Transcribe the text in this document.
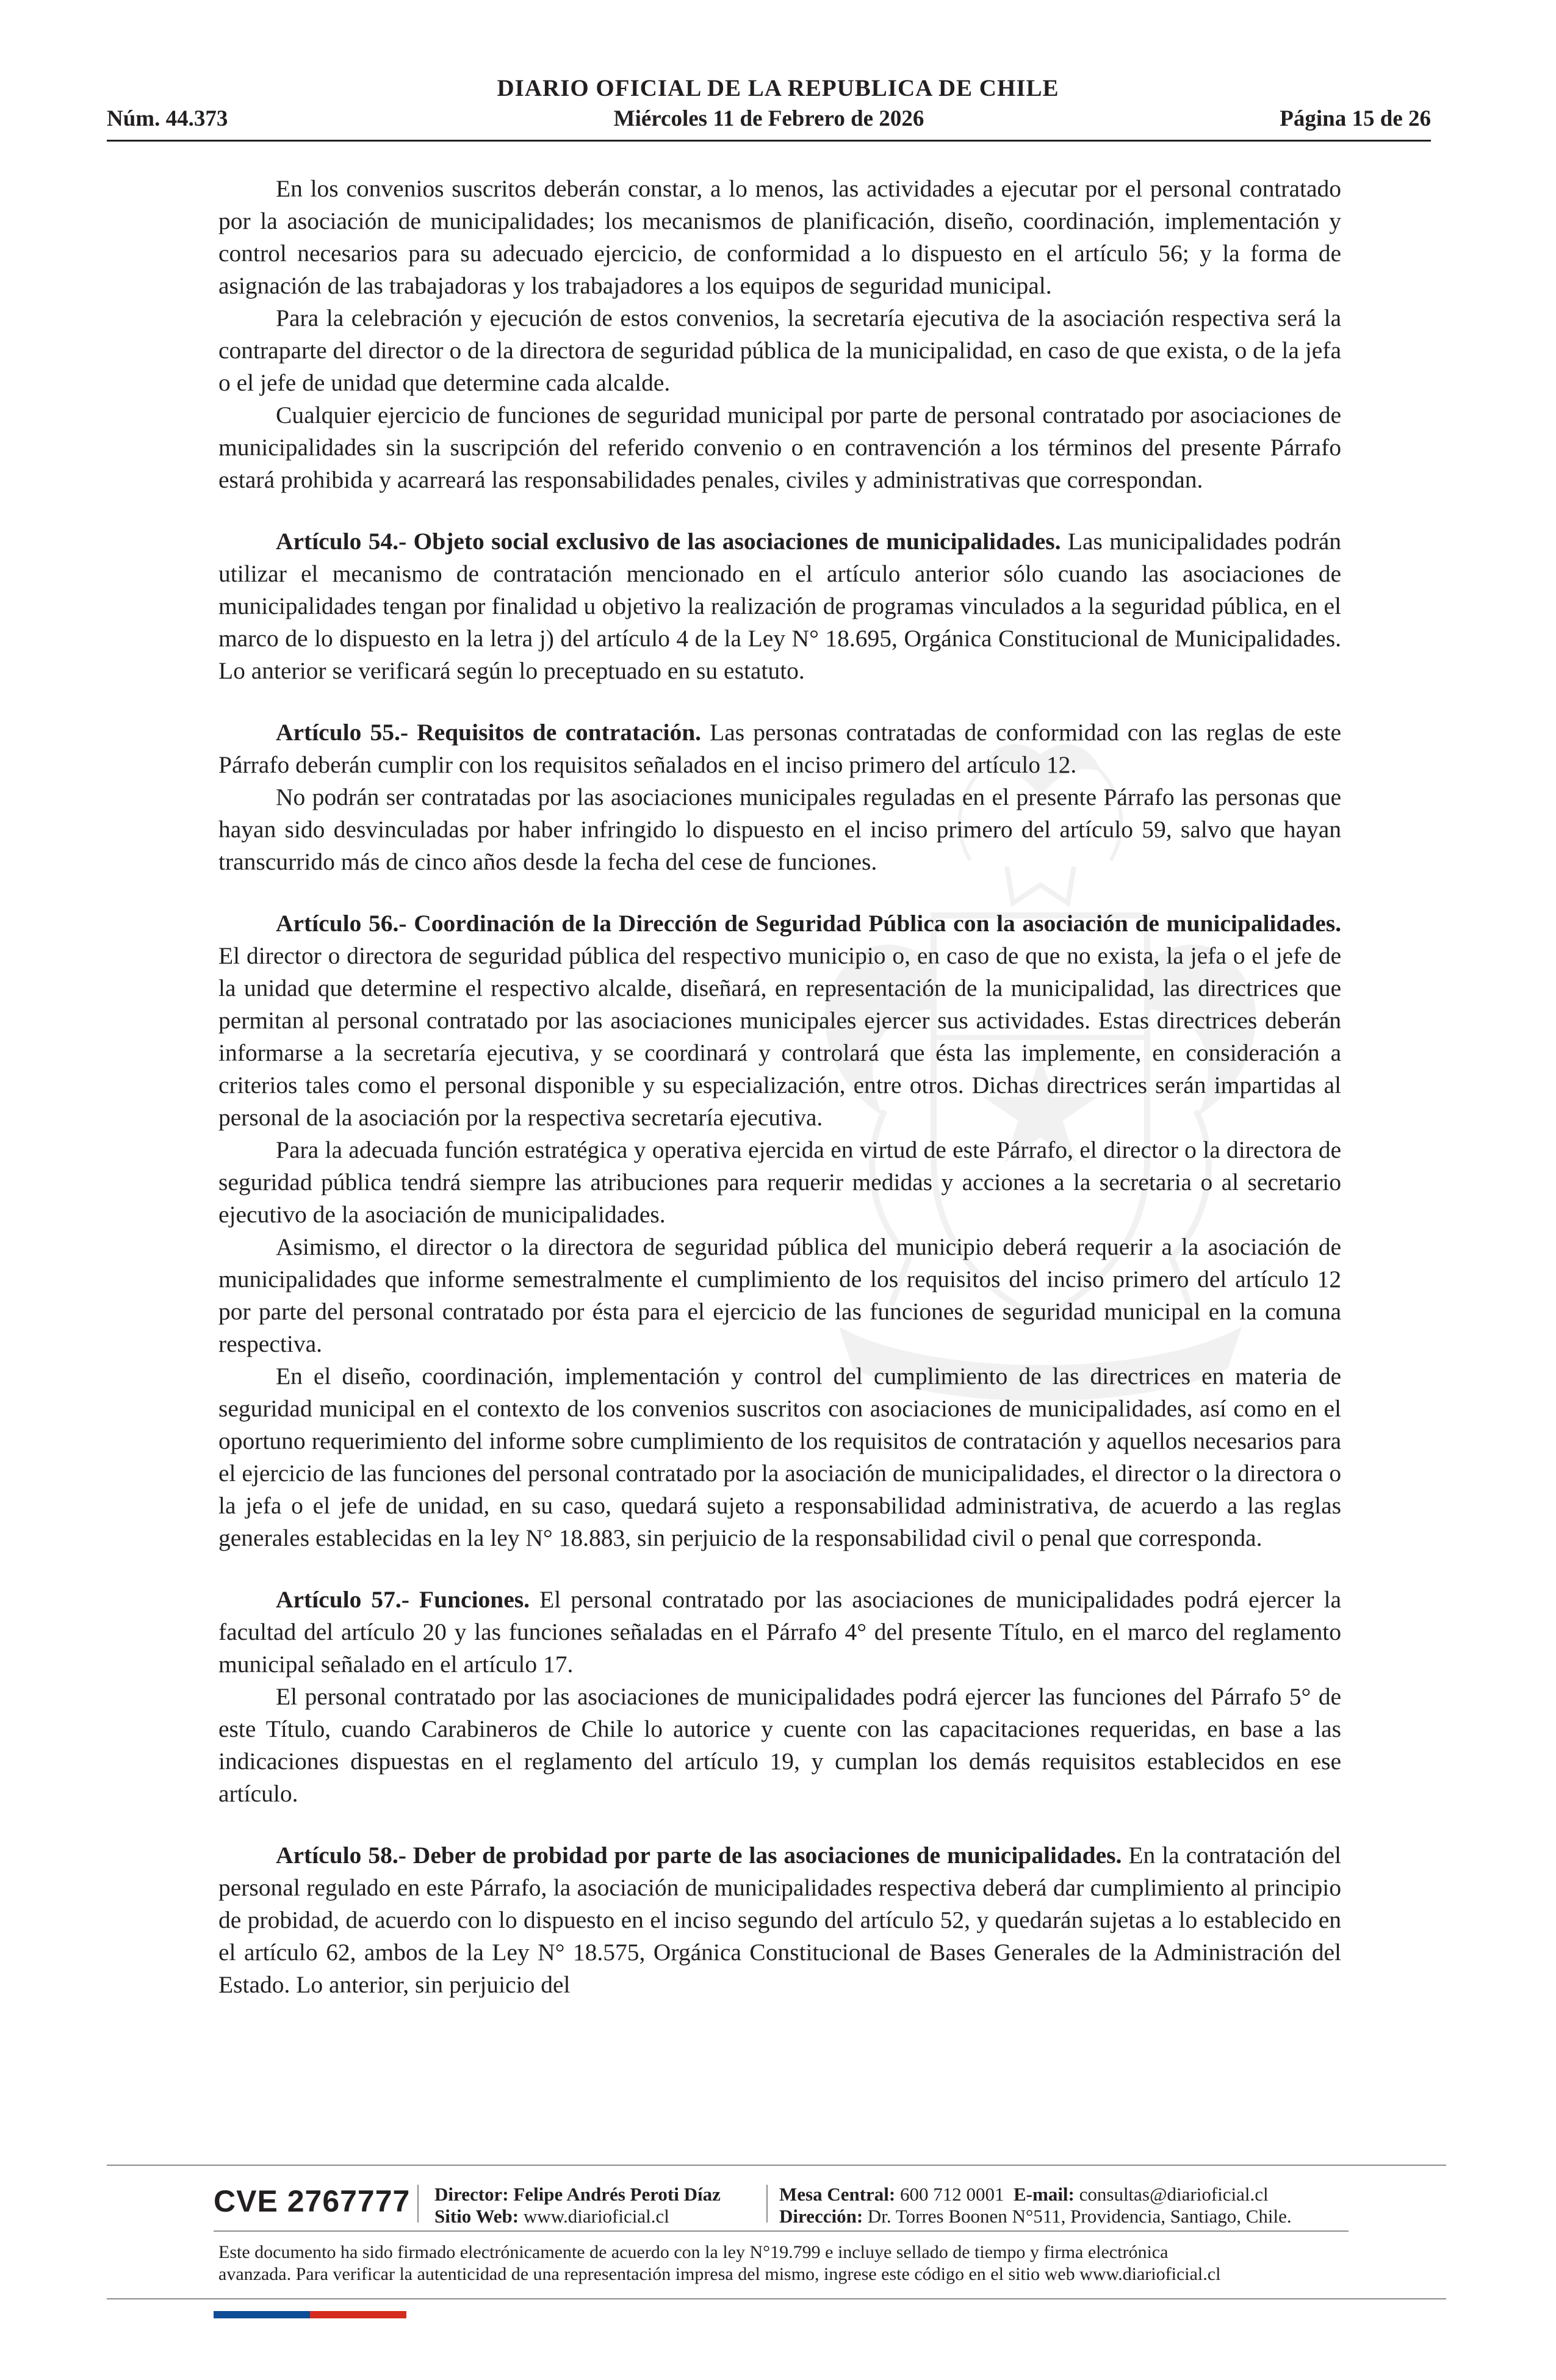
DIARIO OFICIAL DE LA REPUBLICA DE CHILE
Núm. 44.373	Miércoles 11 de Febrero de 2026	Página 15 de 26

En los convenios suscritos deberán constar, a lo menos, las actividades a ejecutar por el personal contratado por la asociación de municipalidades; los mecanismos de planificación, diseño, coordinación, implementación y control necesarios para su adecuado ejercicio, de conformidad a lo dispuesto en el artículo 56; y la forma de asignación de las trabajadoras y los trabajadores a los equipos de seguridad municipal.

Para la celebración y ejecución de estos convenios, la secretaría ejecutiva de la asociación respectiva será la contraparte del director o de la directora de seguridad pública de la municipalidad, en caso de que exista, o de la jefa o el jefe de unidad que determine cada alcalde.

Cualquier ejercicio de funciones de seguridad municipal por parte de personal contratado por asociaciones de municipalidades sin la suscripción del referido convenio o en contravención a los términos del presente Párrafo estará prohibida y acarreará las responsabilidades penales, civiles y administrativas que correspondan.

Artículo 54.- Objeto social exclusivo de las asociaciones de municipalidades. Las municipalidades podrán utilizar el mecanismo de contratación mencionado en el artículo anterior sólo cuando las asociaciones de municipalidades tengan por finalidad u objetivo la realización de programas vinculados a la seguridad pública, en el marco de lo dispuesto en la letra j) del artículo 4 de la Ley N° 18.695, Orgánica Constitucional de Municipalidades. Lo anterior se verificará según lo preceptuado en su estatuto.

Artículo 55.- Requisitos de contratación. Las personas contratadas de conformidad con las reglas de este Párrafo deberán cumplir con los requisitos señalados en el inciso primero del artículo 12.

No podrán ser contratadas por las asociaciones municipales reguladas en el presente Párrafo las personas que hayan sido desvinculadas por haber infringido lo dispuesto en el inciso primero del artículo 59, salvo que hayan transcurrido más de cinco años desde la fecha del cese de funciones.

Artículo 56.- Coordinación de la Dirección de Seguridad Pública con la asociación de municipalidades. El director o directora de seguridad pública del respectivo municipio o, en caso de que no exista, la jefa o el jefe de la unidad que determine el respectivo alcalde, diseñará, en representación de la municipalidad, las directrices que permitan al personal contratado por las asociaciones municipales ejercer sus actividades. Estas directrices deberán informarse a la secretaría ejecutiva, y se coordinará y controlará que ésta las implemente, en consideración a criterios tales como el personal disponible y su especialización, entre otros. Dichas directrices serán impartidas al personal de la asociación por la respectiva secretaría ejecutiva.

Para la adecuada función estratégica y operativa ejercida en virtud de este Párrafo, el director o la directora de seguridad pública tendrá siempre las atribuciones para requerir medidas y acciones a la secretaria o al secretario ejecutivo de la asociación de municipalidades.

Asimismo, el director o la directora de seguridad pública del municipio deberá requerir a la asociación de municipalidades que informe semestralmente el cumplimiento de los requisitos del inciso primero del artículo 12 por parte del personal contratado por ésta para el ejercicio de las funciones de seguridad municipal en la comuna respectiva.

En el diseño, coordinación, implementación y control del cumplimiento de las directrices en materia de seguridad municipal en el contexto de los convenios suscritos con asociaciones de municipalidades, así como en el oportuno requerimiento del informe sobre cumplimiento de los requisitos de contratación y aquellos necesarios para el ejercicio de las funciones del personal contratado por la asociación de municipalidades, el director o la directora o la jefa o el jefe de unidad, en su caso, quedará sujeto a responsabilidad administrativa, de acuerdo a las reglas generales establecidas en la ley N° 18.883, sin perjuicio de la responsabilidad civil o penal que corresponda.

Artículo 57.- Funciones. El personal contratado por las asociaciones de municipalidades podrá ejercer la facultad del artículo 20 y las funciones señaladas en el Párrafo 4° del presente Título, en el marco del reglamento municipal señalado en el artículo 17.

El personal contratado por las asociaciones de municipalidades podrá ejercer las funciones del Párrafo 5° de este Título, cuando Carabineros de Chile lo autorice y cuente con las capacitaciones requeridas, en base a las indicaciones dispuestas en el reglamento del artículo 19, y cumplan los demás requisitos establecidos en ese artículo.

Artículo 58.- Deber de probidad por parte de las asociaciones de municipalidades. En la contratación del personal regulado en este Párrafo, la asociación de municipalidades respectiva deberá dar cumplimiento al principio de probidad, de acuerdo con lo dispuesto en el inciso segundo del artículo 52, y quedarán sujetas a lo establecido en el artículo 62, ambos de la Ley N° 18.575, Orgánica Constitucional de Bases Generales de la Administración del Estado. Lo anterior, sin perjuicio del

CVE 2767777 Director: Felipe Andrés Peroti Díaz
Sitio Web: www.diarioficial.cl
Mesa Central: 600 712 0001 E-mail: consultas@diarioficial.cl
Dirección: Dr. Torres Boonen N°511, Providencia, Santiago, Chile.
Este documento ha sido firmado electrónicamente de acuerdo con la ley N°19.799 e incluye sellado de tiempo y firma electrónica
avanzada. Para verificar la autenticidad de una representación impresa del mismo, ingrese este código en el sitio web www.diarioficial.cl
